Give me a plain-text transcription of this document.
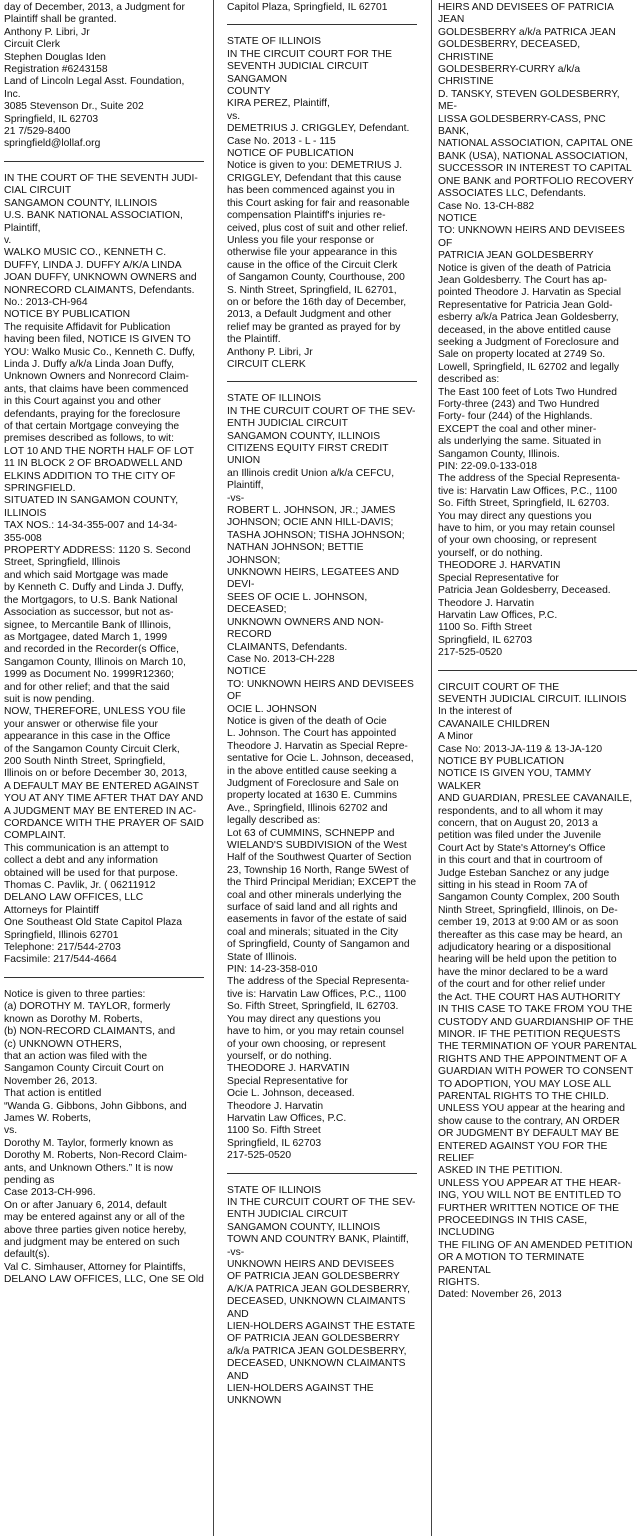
day of December, 2013, a Judgment for

Plaintiff shall be granted.

Anthony P. Libri, Jr

Circuit Clerk

Stephen Douglas Iden

Registration #6243158

Land of Lincoln Legal Asst. Foundation,

Inc.

3085 Stevenson Dr., Suite 202

Springfield, IL 62703

21 7/529-8400

springfield@lollaf.org

IN THE COURT OF THE SEVENTH JUDI-

CIAL CIRCUIT

SANGAMON COUNTY, ILLINOIS

U.S. BANK NATIONAL ASSOCIATION,

Plaintiff,

v.

WALKO MUSIC CO., KENNETH C.

DUFFY, LINDA J. DUFFY A/K/A LINDA

JOAN DUFFY, UNKNOWN OWNERS and

NONRECORD CLAIMANTS, Defendants.

No.: 2013-CH-964

NOTICE BY PUBLICATION

The requisite Affidavit for Publication

having been filed, NOTICE IS GIVEN TO

YOU: Walko Music Co., Kenneth C. Duffy,

Linda J. Duffy a/k/a Linda Joan Duffy,

Unknown Owners and Nonrecord Claim-

ants, that claims have been commenced

in this Court against you and other

defendants, praying for the foreclosure

of that certain Mortgage conveying the

premises described as follows, to wit:

LOT 10 AND THE NORTH HALF OF LOT

11 IN BLOCK 2 OF BROADWELL AND

ELKINS ADDITION TO THE CITY OF

SPRINGFIELD.

SITUATED IN SANGAMON COUNTY,

ILLINOIS

TAX NOS.: 14-34-355-007 and 14-34-

355-008

PROPERTY ADDRESS: 1120 S. Second

Street, Springfield, Illinois

and which said Mortgage was made

by Kenneth C. Duffy and Linda J. Duffy,

the Mortgagors, to U.S. Bank National

Association as successor, but not as-

signee, to Mercantile Bank of Illinois,

as Mortgagee, dated March 1, 1999

and recorded in the Recorder(s Office,

Sangamon County, Illinois on March 10,

1999 as Document No. 1999R12360;

and for other relief; and that the said

suit is now pending.

NOW, THEREFORE, UNLESS YOU file

your answer or otherwise file your

appearance in this case in the Office

of the Sangamon County Circuit Clerk,

200 South Ninth Street, Springfield,

Illinois on or before December 30, 2013,

A DEFAULT MAY BE ENTERED AGAINST

YOU AT ANY TIME AFTER THAT DAY AND

A JUDGMENT MAY BE ENTERED IN AC-

CORDANCE WITH THE PRAYER OF SAID

COMPLAINT.

This communication is an attempt to

collect a debt and any information

obtained will be used for that purpose.

Thomas C. Pavlik, Jr. ( 06211912

DELANO LAW OFFICES, LLC

Attorneys for Plaintiff

One Southeast Old State Capitol Plaza

Springfield, Illinois 62701

Telephone: 217/544-2703

Facsimile: 217/544-4664

Notice is given to three parties:

(a) DOROTHY M. TAYLOR, formerly

known as Dorothy M. Roberts,

(b) NON-RECORD CLAIMANTS, and

(c) UNKNOWN OTHERS,

that an action was filed with the

Sangamon County Circuit Court on

November 26, 2013.

That action is entitled

“Wanda G. Gibbons, John Gibbons, and

James W. Roberts,

vs.

Dorothy M. Taylor, formerly known as

Dorothy M. Roberts, Non-Record Claim-

ants, and Unknown Others.” It is now

pending as

Case 2013-CH-996.

On or after January 6, 2014, default

may be entered against any or all of the

above three parties given notice hereby,

and judgment may be entered on such

default(s).

Val C. Simhauser, Attorney for Plaintiffs,

DELANO LAW OFFICES, LLC, One SE Old

Capitol Plaza, Springfield, IL 62701

STATE OF ILLINOIS

IN THE CIRCUIT COURT FOR THE

SEVENTH JUDICIAL CIRCUIT SANGAMON

COUNTY

KIRA PEREZ, Plaintiff,

vs.

DEMETRIUS J. CRIGGLEY, Defendant.

Case No. 2013 - L - 115

NOTICE OF PUBLICATION

Notice is given to you: DEMETRIUS J.

CRIGGLEY, Defendant that this cause

has been commenced against you in

this Court asking for fair and reasonable

compensation Plaintiff's injuries re-

ceived, plus cost of suit and other relief.

Unless you file your response or

otherwise file your appearance in this

cause in the office of the Circuit Clerk

of Sangamon County, Courthouse, 200

S. Ninth Street, Springfield, IL 62701,

on or before the 16th day of December,

2013, a Default Judgment and other

relief may be granted as prayed for by

the Plaintiff.

Anthony P. Libri, Jr

CIRCUIT CLERK

STATE OF ILLINOIS

IN THE CURCUIT COURT OF THE SEV-

ENTH JUDICIAL CIRCUIT

SANGAMON COUNTY, ILLINOIS

CITIZENS EQUITY FIRST CREDIT UNION

an Illinois credit Union a/k/a CEFCU,

Plaintiff,

-vs-

ROBERT L. JOHNSON, JR.; JAMES

JOHNSON; OCIE ANN HILL-DAVIS;

TASHA JOHNSON; TISHA JOHNSON;

NATHAN JOHNSON; BETTIE JOHNSON;

UNKNOWN HEIRS, LEGATEES AND DEVI-

SEES OF OCIE L. JOHNSON, DECEASED;

UNKNOWN OWNERS AND NON-RECORD

CLAIMANTS, Defendants.

Case No. 2013-CH-228

NOTICE

TO: UNKNOWN HEIRS AND DEVISEES OF

OCIE L. JOHNSON

Notice is given of the death of Ocie

L. Johnson. The Court has appointed

Theodore J. Harvatin as Special Repre-

sentative for Ocie L. Johnson, deceased,

in the above entitled cause seeking a

Judgment of Foreclosure and Sale on

property located at 1630 E. Cummins

Ave., Springfield, Illinois 62702 and

legally described as:

Lot 63 of CUMMINS, SCHNEPP and

WIELAND'S SUBDIVISION of the West

Half of the Southwest Quarter of Section

23, Township 16 North, Range 5West of

the Third Principal Meridian; EXCEPT the

coal and other minerals underlying the

surface of said land and all rights and

easements in favor of the estate of said

coal and minerals; situated in the City

of Springfield, County of Sangamon and

State of Illinois.

PIN: 14-23-358-010

The address of the Special Representa-

tive is: Harvatin Law Offices, P.C., 1100

So. Fifth Street, Springfield, IL 62703.

You may direct any questions you

have to him, or you may retain counsel

of your own choosing, or represent

yourself, or do nothing.

THEODORE J. HARVATIN

Special Representative for

Ocie L. Johnson, deceased.

Theodore J. Harvatin

Harvatin Law Offices, P.C.

1100 So. Fifth Street

Springfield, IL 62703

217-525-0520

STATE OF ILLINOIS

IN THE CURCUIT COURT OF THE SEV-

ENTH JUDICIAL CIRCUIT

SANGAMON COUNTY, ILLINOIS

TOWN AND COUNTRY BANK, Plaintiff,

-vs-

UNKNOWN HEIRS AND DEVISEES

OF PATRICIA JEAN GOLDESBERRY

A/K/A PATRICA JEAN GOLDESBERRY,

DECEASED, UNKNOWN CLAIMANTS AND

LIEN-HOLDERS AGAINST THE ESTATE

OF PATRICIA JEAN GOLDESBERRY

a/k/a PATRICA JEAN GOLDESBERRY,

DECEASED, UNKNOWN CLAIMANTS AND

LIEN-HOLDERS AGAINST THE UNKNOWN

HEIRS AND DEVISEES OF PATRICIA JEAN

GOLDESBERRY a/k/a PATRICA JEAN

GOLDESBERRY, DECEASED, CHRISTINE

GOLDESBERRY-CURRY a/k/a CHRISTINE

D. TANSKY, STEVEN GOLDESBERRY, ME-

LISSA GOLDESBERRY-CASS, PNC BANK,

NATIONAL ASSOCIATION, CAPITAL ONE

BANK (USA), NATIONAL ASSOCIATION,

SUCCESSOR IN INTEREST TO CAPITAL

ONE BANK and PORTFOLIO RECOVERY

ASSOCIATES LLC, Defendants.

Case No. 13-CH-882

NOTICE

TO: UNKNOWN HEIRS AND DEVISEES OF

PATRICIA JEAN GOLDESBERRY

Notice is given of the death of Patricia

Jean Goldesberry. The Court has ap-

pointed Theodore J. Harvatin as Special

Representative for Patricia Jean Gold-

esberry a/k/a Patrica Jean Goldesberry,

deceased, in the above entitled cause

seeking a Judgment of Foreclosure and

Sale on property located at 2749 So.

Lowell, Springfield, IL 62702 and legally

described as:

The East 100 feet of Lots Two Hundred

Forty-three (243) and Two Hundred

Forty- four (244) of the Highlands.

EXCEPT the coal and other miner-

als underlying the same. Situated in

Sangamon County, Illinois.

PIN: 22-09.0-133-018

The address of the Special Representa-

tive is: Harvatin Law Offices, P.C., 1100

So. Fifth Street, Springfield, IL 62703.

You may direct any questions you

have to him, or you may retain counsel

of your own choosing, or represent

yourself, or do nothing.

THEODORE J. HARVATIN

Special Representative for

Patricia Jean Goldesberry, Deceased.

Theodore J. Harvatin

Harvatin Law Offices, P.C.

1100 So. Fifth Street

Springfield, IL 62703

217-525-0520

CIRCUIT COURT OF THE

SEVENTH JUDICIAL CIRCUIT. ILLINOIS

In the interest of

CAVANAILE CHILDREN

A Minor

Case No: 2013-JA-119 & 13-JA-120

NOTICE BY PUBLICATION

NOTICE IS GIVEN YOU, TAMMY WALKER

AND GUARDIAN, PRESLEE CAVANAILE,

respondents, and to all whom it may

concern, that on August 20, 2013 a

petition was filed under the Juvenile

Court Act by State's Attorney's Office

in this court and that in courtroom of

Judge Esteban Sanchez or any judge

sitting in his stead in Room 7A of

Sangamon County Complex, 200 South

Ninth Street, Springfield, Illinois, on De-

cember 19, 2013 at 9:00 AM or as soon

thereafter as this case may be heard, an

adjudicatory hearing or a dispositional

hearing will be held upon the petition to

have the minor declared to be a ward

of the court and for other relief under

the Act. THE COURT HAS AUTHORITY

IN THIS CASE TO TAKE FROM YOU THE

CUSTODY AND GUARDIANSHIP OF THE

MINOR. IF THE PETITION REQUESTS

THE TERMINATION OF YOUR PARENTAL

RIGHTS AND THE APPOINTMENT OF A

GUARDIAN WITH POWER TO CONSENT

TO ADOPTION, YOU MAY LOSE ALL

PARENTAL RIGHTS TO THE CHILD.

UNLESS YOU appear at the hearing and

show cause to the contrary, AN ORDER

OR JUDGMENT BY DEFAULT MAY BE

ENTERED AGAINST YOU FOR THE RELIEF

ASKED IN THE PETITION.

UNLESS YOU APPEAR AT THE HEAR-

ING, YOU WILL NOT BE ENTITLED TO

FURTHER WRITTEN NOTICE OF THE

PROCEEDINGS IN THIS CASE, INCLUDING

THE FILING OF AN AMENDED PETITION

OR A MOTION TO TERMINATE PARENTAL

RIGHTS.

Dated: November 26, 2013
